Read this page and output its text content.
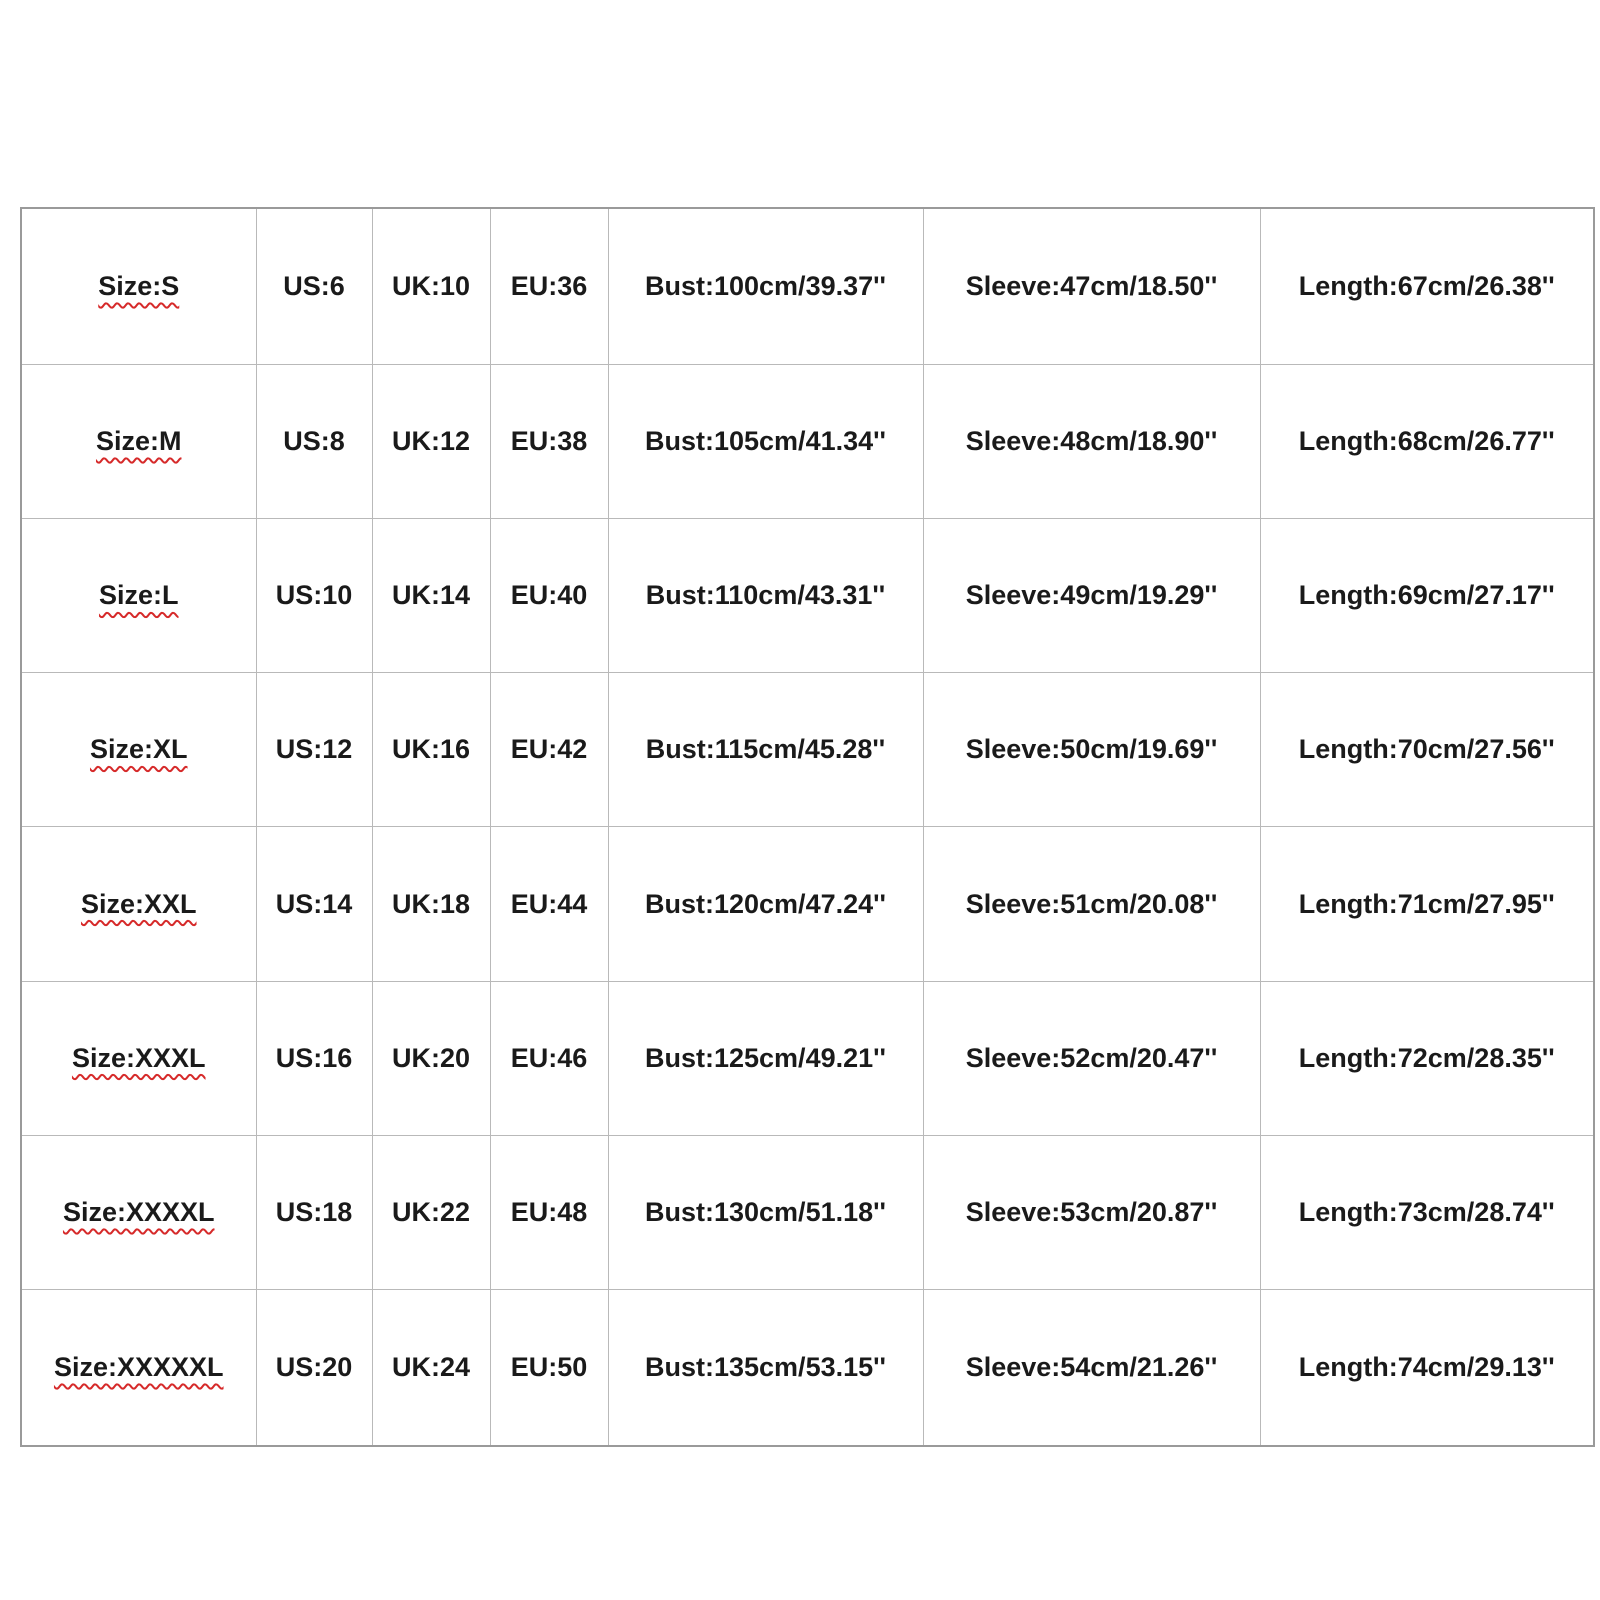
Size:S	US:6	UK:10	EU:36	Bust:100cm/39.37''	Sleeve:47cm/18.50''	Length:67cm/26.38''
Size:M	US:8	UK:12	EU:38	Bust:105cm/41.34''	Sleeve:48cm/18.90''	Length:68cm/26.77''
Size:L	US:10	UK:14	EU:40	Bust:110cm/43.31''	Sleeve:49cm/19.29''	Length:69cm/27.17''
Size:XL	US:12	UK:16	EU:42	Bust:115cm/45.28''	Sleeve:50cm/19.69''	Length:70cm/27.56''
Size:XXL	US:14	UK:18	EU:44	Bust:120cm/47.24''	Sleeve:51cm/20.08''	Length:71cm/27.95''
Size:XXXL	US:16	UK:20	EU:46	Bust:125cm/49.21''	Sleeve:52cm/20.47''	Length:72cm/28.35''
Size:XXXXL	US:18	UK:22	EU:48	Bust:130cm/51.18''	Sleeve:53cm/20.87''	Length:73cm/28.74''
Size:XXXXXL	US:20	UK:24	EU:50	Bust:135cm/53.15''	Sleeve:54cm/21.26''	Length:74cm/29.13''
